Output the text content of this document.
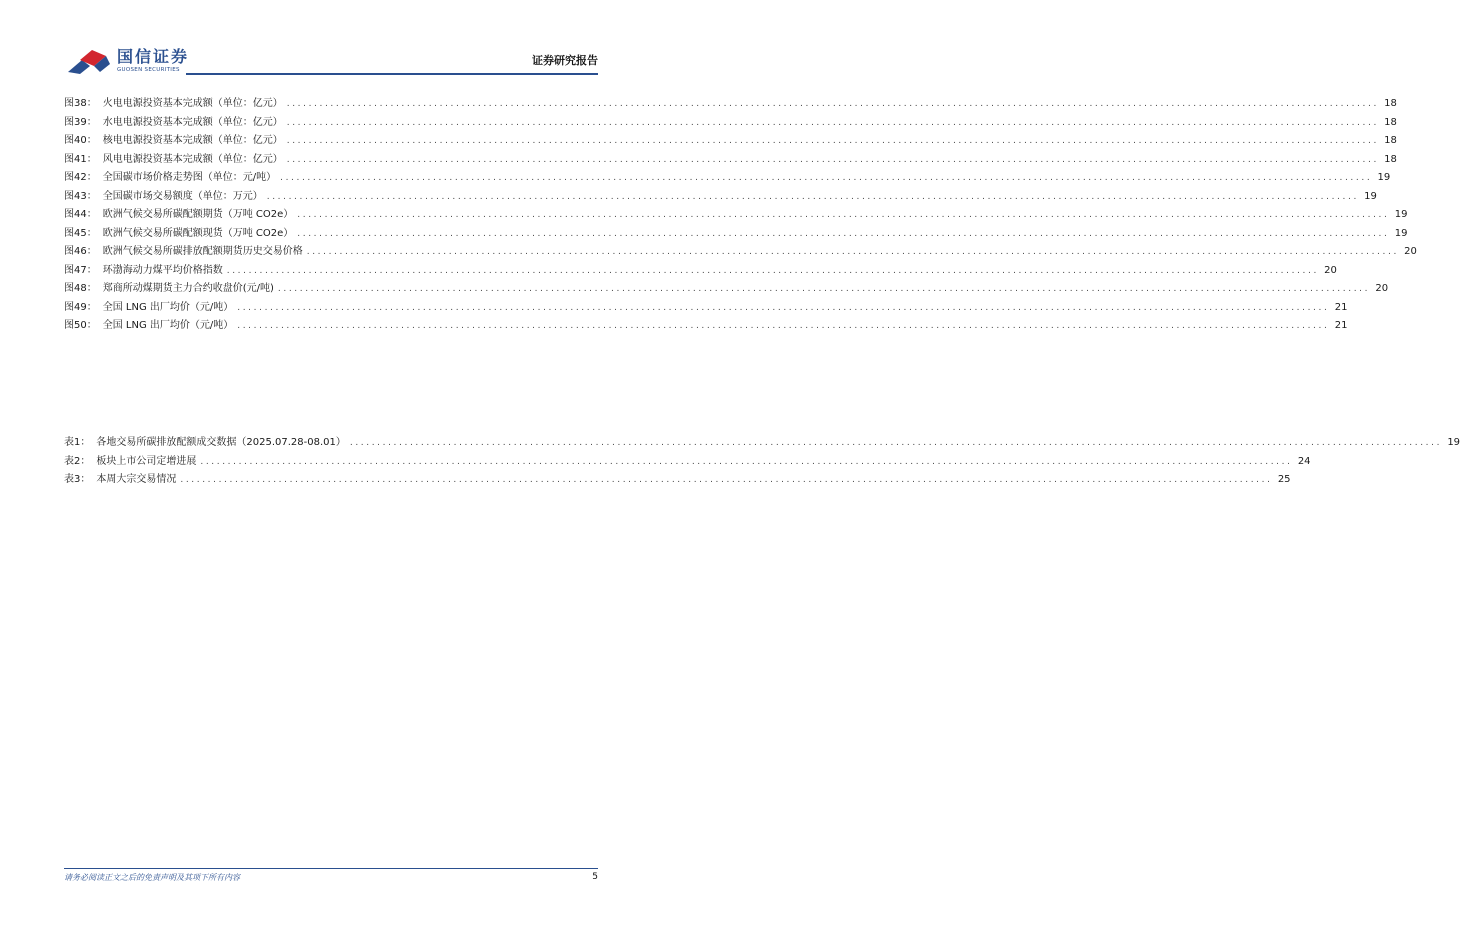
国信证券
GUOSEN SECURITIES
证券研究报告
图38： 火电电源投资基本完成额（单位：亿元） ........................................................................................................................................................................................................ 18
图39： 水电电源投资基本完成额（单位：亿元） ........................................................................................................................................................................................................ 18
图40： 核电电源投资基本完成额（单位：亿元） ........................................................................................................................................................................................................ 18
图41： 风电电源投资基本完成额（单位：亿元） ........................................................................................................................................................................................................ 18
图42： 全国碳市场价格走势图（单位：元/吨） ........................................................................................................................................................................................................ 19
图43： 全国碳市场交易额度（单位：万元） ........................................................................................................................................................................................................ 19
图44： 欧洲气候交易所碳配额期货（万吨 CO2e） ........................................................................................................................................................................................................ 19
图45： 欧洲气候交易所碳配额现货（万吨 CO2e） ........................................................................................................................................................................................................ 19
图46： 欧洲气候交易所碳排放配额期货历史交易价格 ........................................................................................................................................................................................................ 20
图47： 环渤海动力煤平均价格指数 ........................................................................................................................................................................................................ 20
图48： 郑商所动煤期货主力合约收盘价(元/吨) ........................................................................................................................................................................................................ 20
图49： 全国 LNG 出厂均价（元/吨） ........................................................................................................................................................................................................ 21
图50： 全国 LNG 出厂均价（元/吨） ........................................................................................................................................................................................................ 21
表1： 各地交易所碳排放配额成交数据（2025.07.28-08.01） ........................................................................................................................................................................................................ 19
表2： 板块上市公司定增进展 ........................................................................................................................................................................................................ 24
表3： 本周大宗交易情况 ........................................................................................................................................................................................................ 25
请务必阅读正文之后的免责声明及其项下所有内容	5
